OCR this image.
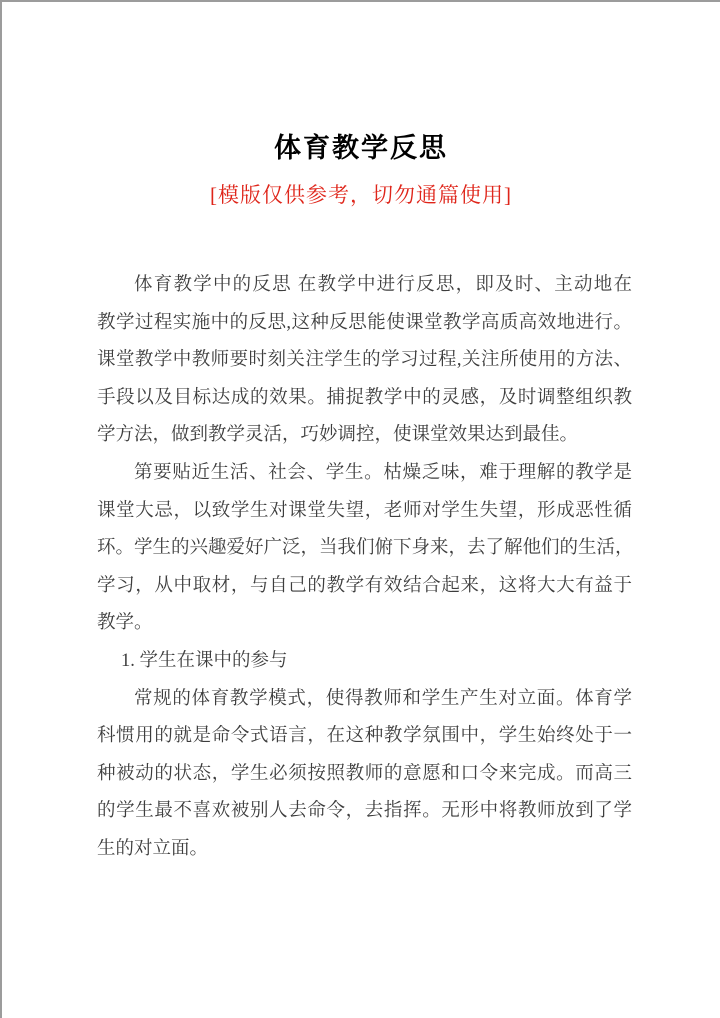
体育教学反思
[模版仅供参考，切勿通篇使用]
体育教学中的反思 在教学中进行反思，即及时、主动地在
教学过程实施中的反思,这种反思能使课堂教学高质高效地进行。
课堂教学中教师要时刻关注学生的学习过程,关注所使用的方法、
手段以及目标达成的效果。捕捉教学中的灵感，及时调整组织教
学方法，做到教学灵活，巧妙调控，使课堂效果达到最佳。
第要贴近生活、社会、学生。枯燥乏味，难于理解的教学是
课堂大忌，以致学生对课堂失望，老师对学生失望，形成恶性循
环。学生的兴趣爱好广泛，当我们俯下身来，去了解他们的生活，
学习，从中取材，与自己的教学有效结合起来，这将大大有益于
教学。
1. 学生在课中的参与
常规的体育教学模式，使得教师和学生产生对立面。体育学
科惯用的就是命令式语言，在这种教学氛围中，学生始终处于一
种被动的状态，学生必须按照教师的意愿和口令来完成。而高三
的学生最不喜欢被别人去命令，去指挥。无形中将教师放到了学
生的对立面。
